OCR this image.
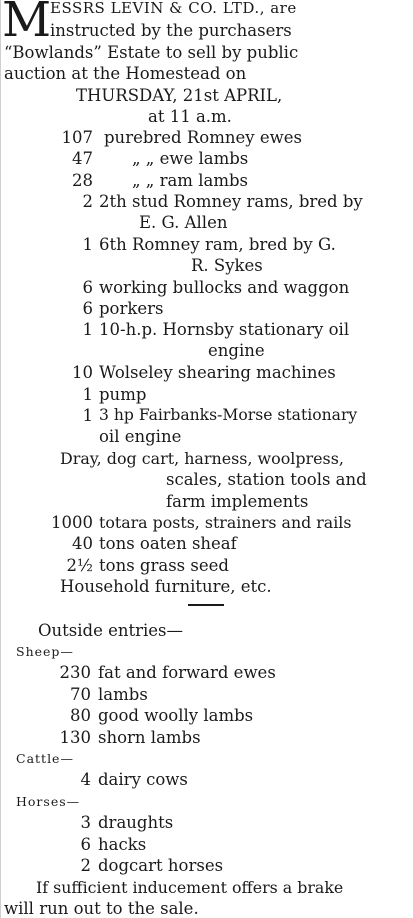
M
ESSRS LEVIN & CO. LTD., are
instructed by the purchasers
“Bowlands” Estate to sell by public
auction at the Homestead on
THURSDAY, 21st APRIL,
at 11 a.m.
107 purebred Romney ewes
47 „ „ ewe lambs
28 „ „ ram lambs
2 2th stud Romney rams, bred by
E. G. Allen
1 6th Romney ram, bred by G.
R. Sykes
6 working bullocks and waggon
6 porkers
1 10-h.p. Hornsby stationary oil
engine
10 Wolseley shearing machines
1 pump
1 3 hp Fairbanks-Morse stationary
oil engine
Dray, dog cart, harness, woolpress,
scales, station tools and
farm implements
1000 totara posts, strainers and rails
40 tons oaten sheaf
2½ tons grass seed
Household furniture, etc.
Outside entries—
Sheep—
230 fat and forward ewes
70 lambs
80 good woolly lambs
130 shorn lambs
Cattle—
4 dairy cows
Horses—
3 draughts
6 hacks
2 dogcart horses
If sufficient inducement offers a brake
will run out to the sale.
